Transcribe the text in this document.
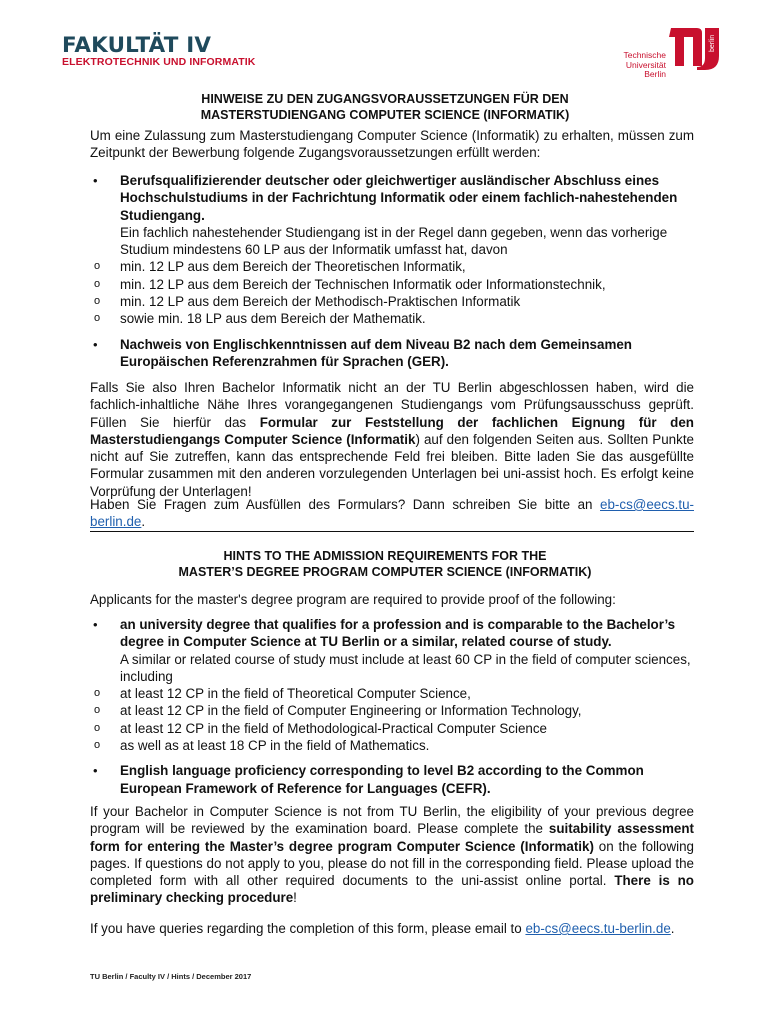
FAKULTÄT IV
ELEKTROTECHNIK UND INFORMATIK
Technische
Universität
Berlin
berlin
HINWEISE ZU DEN ZUGANGSVORAUSSETZUNGEN FÜR DEN
MASTERSTUDIENGANG COMPUTER SCIENCE (INFORMATIK)
Um eine Zulassung zum Masterstudiengang Computer Science (Informatik) zu erhalten, müssen zum Zeitpunkt der Bewerbung folgende Zugangsvoraussetzungen erfüllt werden:
• Berufsqualifizierender deutscher oder gleichwertiger ausländischer Abschluss eines Hochschulstudiums in der Fachrichtung Informatik oder einem fachlich-nahestehenden Studiengang.
Ein fachlich nahestehender Studiengang ist in der Regel dann gegeben, wenn das vorherige Studium mindestens 60 LP aus der Informatik umfasst hat, davon
o min. 12 LP aus dem Bereich der Theoretischen Informatik,
o min. 12 LP aus dem Bereich der Technischen Informatik oder Informationstechnik,
o min. 12 LP aus dem Bereich der Methodisch-Praktischen Informatik
o sowie min. 18 LP aus dem Bereich der Mathematik.
• Nachweis von Englischkenntnissen auf dem Niveau B2 nach dem Gemeinsamen Europäischen Referenzrahmen für Sprachen (GER).
Falls Sie also Ihren Bachelor Informatik nicht an der TU Berlin abgeschlossen haben, wird die fachlich-inhaltliche Nähe Ihres vorangegangenen Studiengangs vom Prüfungsausschuss geprüft. Füllen Sie hierfür das Formular zur Feststellung der fachlichen Eignung für den Masterstudiengangs Computer Science (Informatik) auf den folgenden Seiten aus. Sollten Punkte nicht auf Sie zutreffen, kann das entsprechende Feld frei bleiben. Bitte laden Sie das ausgefüllte Formular zusammen mit den anderen vorzulegenden Unterlagen bei uni-assist hoch. Es erfolgt keine Vorprüfung der Unterlagen!
Haben Sie Fragen zum Ausfüllen des Formulars? Dann schreiben Sie bitte an eb-cs@eecs.tu-berlin.de.
HINTS TO THE ADMISSION REQUIREMENTS FOR THE
MASTER’S DEGREE PROGRAM COMPUTER SCIENCE (INFORMATIK)
Applicants for the master's degree program are required to provide proof of the following:
• an university degree that qualifies for a profession and is comparable to the Bachelor’s degree in Computer Science at TU Berlin or a similar, related course of study.
A similar or related course of study must include at least 60 CP in the field of computer sciences, including
o at least 12 CP in the field of Theoretical Computer Science,
o at least 12 CP in the field of Computer Engineering or Information Technology,
o at least 12 CP in the field of Methodological-Practical Computer Science
o as well as at least 18 CP in the field of Mathematics.
• English language proficiency corresponding to level B2 according to the Common European Framework of Reference for Languages (CEFR).
If your Bachelor in Computer Science is not from TU Berlin, the eligibility of your previous degree program will be reviewed by the examination board. Please complete the suitability assessment form for entering the Master’s degree program Computer Science (Informatik) on the following pages. If questions do not apply to you, please do not fill in the corresponding field. Please upload the completed form with all other required documents to the uni-assist online portal. There is no preliminary checking procedure!
If you have queries regarding the completion of this form, please email to eb-cs@eecs.tu-berlin.de.
TU Berlin / Faculty IV / Hints / December 2017
